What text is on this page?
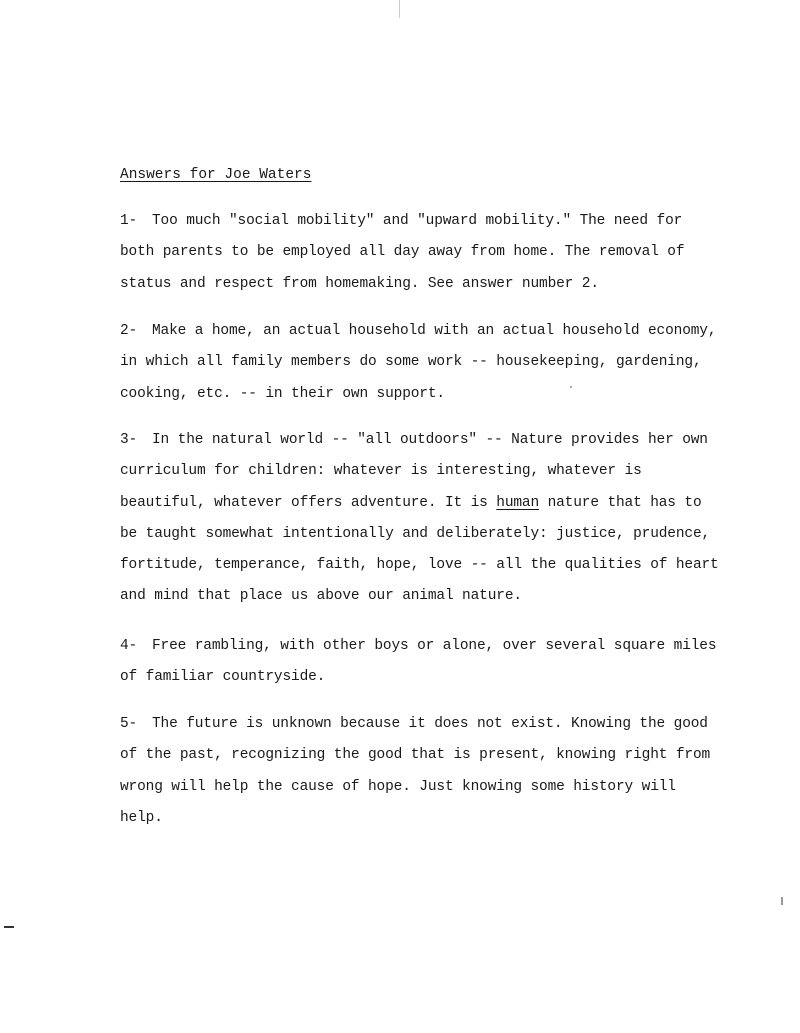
Answers for Joe Waters

1- Too much "social mobility" and "upward mobility." The need for both parents to be employed all day away from home. The removal of status and respect from homemaking. See answer number 2.

2- Make a home, an actual household with an actual household economy, in which all family members do some work -- housekeeping, gardening, cooking, etc. -- in their own support.

3- In the natural world -- "all outdoors" -- Nature provides her own curriculum for children: whatever is interesting, whatever is beautiful, whatever offers adventure. It is human nature that has to be taught somewhat intentionally and deliberately: justice, prudence, fortitude, temperance, faith, hope, love -- all the qualities of heart and mind that place us above our animal nature.

4- Free rambling, with other boys or alone, over several square miles of familiar countryside.

5- The future is unknown because it does not exist. Knowing the good of the past, recognizing the good that is present, knowing right from wrong will help the cause of hope. Just knowing some history will help.
